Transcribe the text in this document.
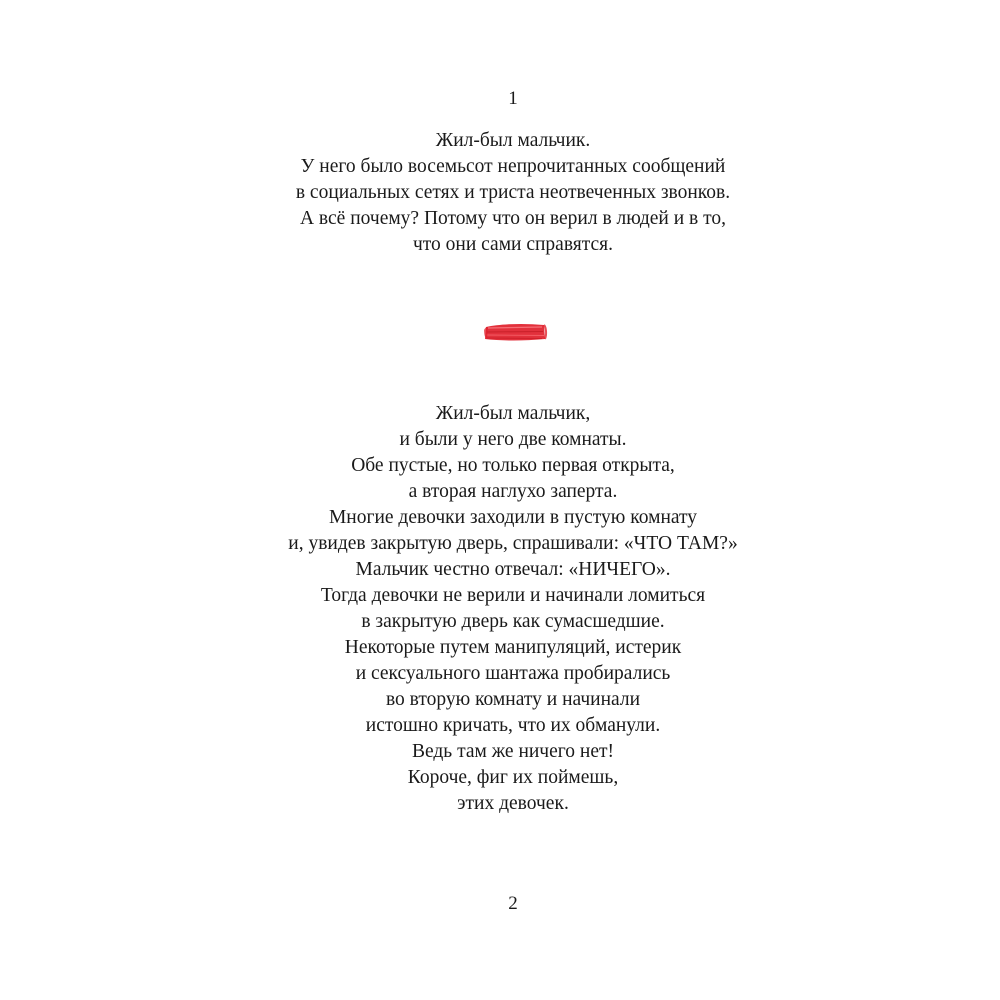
1
Жил-был мальчик.
У него было восемьсот непрочитанных сообщений
в социальных сетях и триста неотвеченных звонков.
А всё почему? Потому что он верил в людей и в то,
что они сами справятся.
Жил-был мальчик,
и были у него две комнаты.
Обе пустые, но только первая открыта,
а вторая наглухо заперта.
Многие девочки заходили в пустую комнату
и, увидев закрытую дверь, спрашивали: «ЧТО ТАМ?»
Мальчик честно отвечал: «НИЧЕГО».
Тогда девочки не верили и начинали ломиться
в закрытую дверь как сумасшедшие.
Некоторые путем манипуляций, истерик
и сексуального шантажа пробирались
во вторую комнату и начинали
истошно кричать, что их обманули.
Ведь там же ничего нет!
Короче, фиг их поймешь,
этих девочек.
2
